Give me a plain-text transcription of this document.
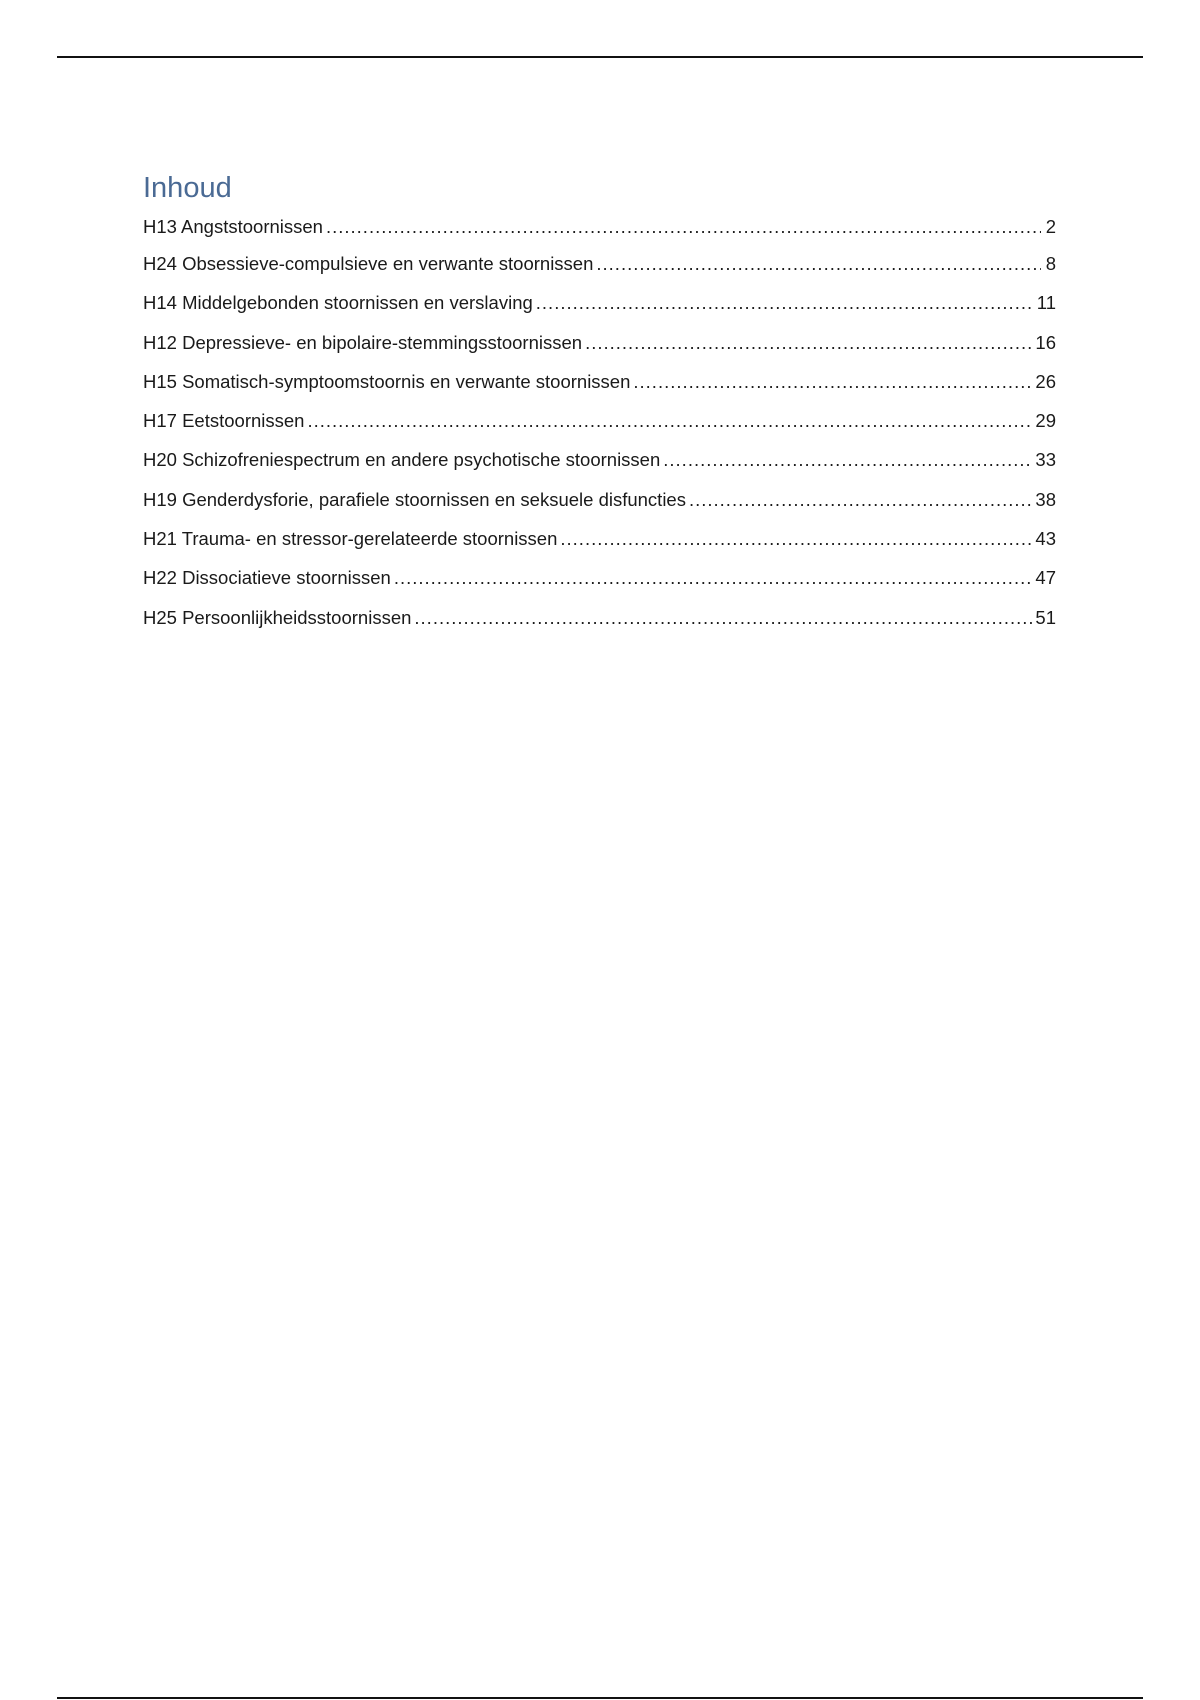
Inhoud
H13 Angststoornissen .....	2
H24 Obsessieve-compulsieve en verwante stoornissen .....	8
H14 Middelgebonden stoornissen en verslaving .....	11
H12 Depressieve- en bipolaire-stemmingsstoornissen .....	16
H15 Somatisch-symptoomstoornis en verwante stoornissen .....	26
H17 Eetstoornissen .....	29
H20 Schizofreniespectrum en andere psychotische stoornissen .....	33
H19 Genderdysforie, parafiele stoornissen en seksuele disfuncties .....	38
H21 Trauma- en stressor-gerelateerde stoornissen .....	43
H22 Dissociatieve stoornissen .....	47
H25 Persoonlijkheidsstoornissen .....	51
